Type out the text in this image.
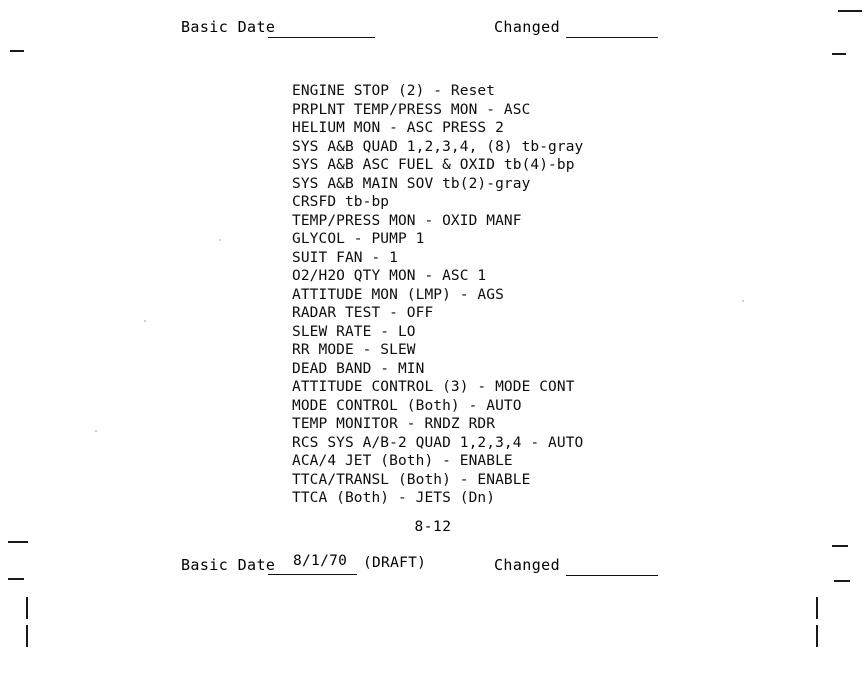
Basic Date	Changed
ENGINE STOP (2) - Reset
PRPLNT TEMP/PRESS MON - ASC
HELIUM MON - ASC PRESS 2
SYS A&B QUAD 1,2,3,4, (8) tb-gray
SYS A&B ASC FUEL & OXID tb(4)-bp
SYS A&B MAIN SOV tb(2)-gray
CRSFD tb-bp
TEMP/PRESS MON - OXID MANF
GLYCOL - PUMP 1
SUIT FAN - 1
O2/H2O QTY MON - ASC 1
ATTITUDE MON (LMP) - AGS
RADAR TEST - OFF
SLEW RATE - LO
RR MODE - SLEW
DEAD BAND - MIN
ATTITUDE CONTROL (3) - MODE CONT
MODE CONTROL (Both) - AUTO
TEMP MONITOR - RNDZ RDR
RCS SYS A/B-2 QUAD 1,2,3,4 - AUTO
ACA/4 JET (Both) - ENABLE
TTCA/TRANSL (Both) - ENABLE
TTCA (Both) - JETS (Dn)
8-12
Basic Date 8/1/70 (DRAFT)	Changed
